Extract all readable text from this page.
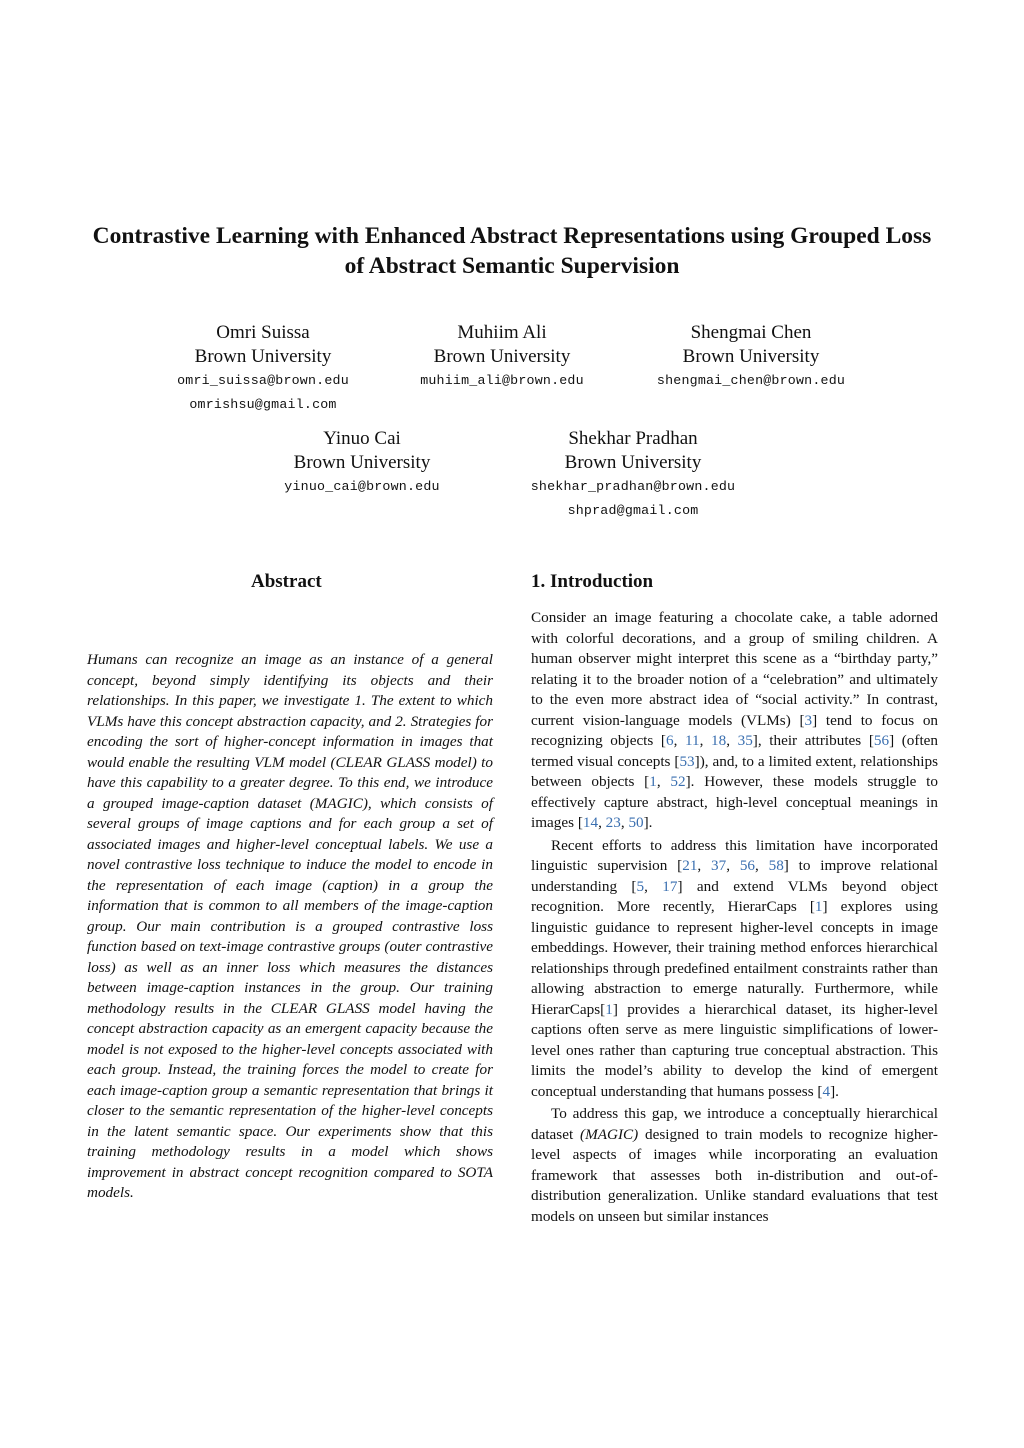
Contrastive Learning with Enhanced Abstract Representations using Grouped Loss of Abstract Semantic Supervision
Omri Suissa
Brown University
omri_suissa@brown.edu
omrishsu@gmail.com
Muhiim Ali
Brown University
muhiim_ali@brown.edu
Shengmai Chen
Brown University
shengmai_chen@brown.edu
Yinuo Cai
Brown University
yinuo_cai@brown.edu
Shekhar Pradhan
Brown University
shekhar_pradhan@brown.edu
shprad@gmail.com
Abstract

Humans can recognize an image as an instance of a general concept, beyond simply identifying its objects and their relationships. In this paper, we investigate 1. The extent to which VLMs have this concept abstraction capacity, and 2. Strategies for encoding the sort of higher-concept information in images that would enable the resulting VLM model (CLEAR GLASS model) to have this capability to a greater degree. To this end, we introduce a grouped image-caption dataset (MAGIC), which consists of several groups of image captions and for each group a set of associated images and higher-level conceptual labels. We use a novel contrastive loss technique to induce the model to encode in the representation of each image (caption) in a group the information that is common to all members of the image-caption group. Our main contribution is a grouped contrastive loss function based on text-image contrastive groups (outer contrastive loss) as well as an inner loss which measures the distances between image-caption instances in the group. Our training methodology results in the CLEAR GLASS model having the concept abstraction capacity as an emergent capacity because the model is not exposed to the higher-level concepts associated with each group. Instead, the training forces the model to create for each image-caption group a semantic representation that brings it closer to the semantic representation of the higher-level concepts in the latent semantic space. Our experiments show that this training methodology results in a model which shows improvement in abstract concept recognition compared to SOTA models.

1. Introduction

Consider an image featuring a chocolate cake, a table adorned with colorful decorations, and a group of smiling children. A human observer might interpret this scene as a “birthday party,” relating it to the broader notion of a “celebration” and ultimately to the even more abstract idea of “social activity.” In contrast, current vision-language models (VLMs) [3] tend to focus on recognizing objects [6, 11, 18, 35], their attributes [56] (often termed visual concepts [53]), and, to a limited extent, relationships between objects [1, 52]. However, these models struggle to effectively capture abstract, high-level conceptual meanings in images [14, 23, 50].

Recent efforts to address this limitation have incorporated linguistic supervision [21, 37, 56, 58] to improve relational understanding [5, 17] and extend VLMs beyond object recognition. More recently, HierarCaps [1] explores using linguistic guidance to represent higher-level concepts in image embeddings. However, their training method enforces hierarchical relationships through predefined entailment constraints rather than allowing abstraction to emerge naturally. Furthermore, while HierarCaps[1] provides a hierarchical dataset, its higher-level captions often serve as mere linguistic simplifications of lower-level ones rather than capturing true conceptual abstraction. This limits the model’s ability to develop the kind of emergent conceptual understanding that humans possess [4].

To address this gap, we introduce a conceptually hierarchical dataset (MAGIC) designed to train models to recognize higher-level aspects of images while incorporating an evaluation framework that assesses both in-distribution and out-of-distribution generalization. Unlike standard evaluations that test models on unseen but similar instances
